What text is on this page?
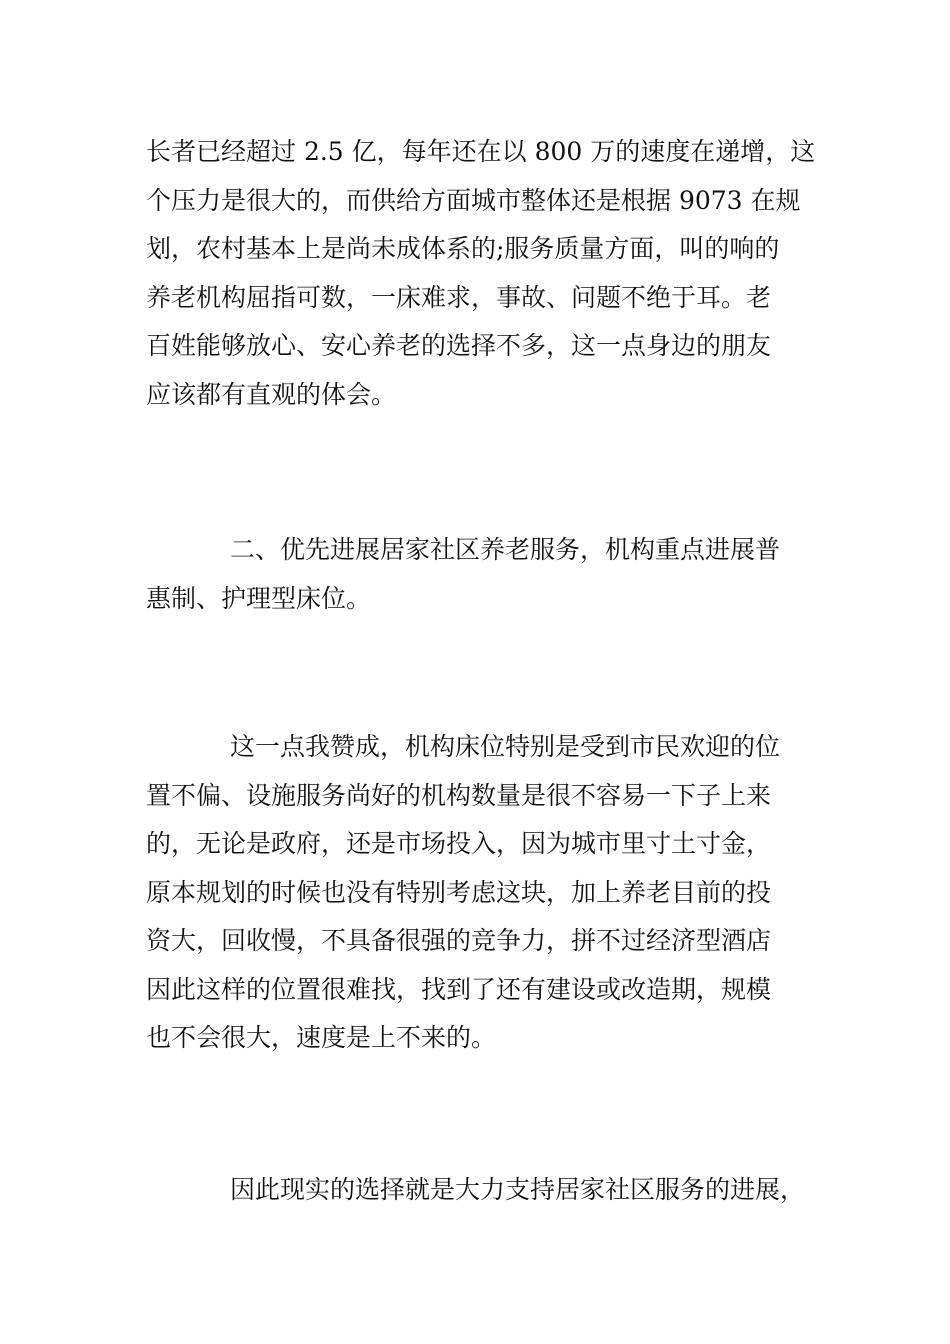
长者已经超过 2.5 亿，每年还在以 800 万的速度在递增，这
个压力是很大的，而供给方面城市整体还是根据 9073 在规
划，农村基本上是尚未成体系的;服务质量方面，叫的响的
养老机构屈指可数，一床难求，事故、问题不绝于耳。老
百姓能够放心、安心养老的选择不多，这一点身边的朋友
应该都有直观的体会。
二、优先进展居家社区养老服务，机构重点进展普
惠制、护理型床位。
这一点我赞成，机构床位特别是受到市民欢迎的位
置不偏、设施服务尚好的机构数量是很不容易一下子上来
的，无论是政府，还是市场投入，因为城市里寸土寸金，
原本规划的时候也没有特别考虑这块，加上养老目前的投
资大，回收慢，不具备很强的竞争力，拼不过经济型酒店
因此这样的位置很难找，找到了还有建设或改造期，规模
也不会很大，速度是上不来的。
因此现实的选择就是大力支持居家社区服务的进展，
